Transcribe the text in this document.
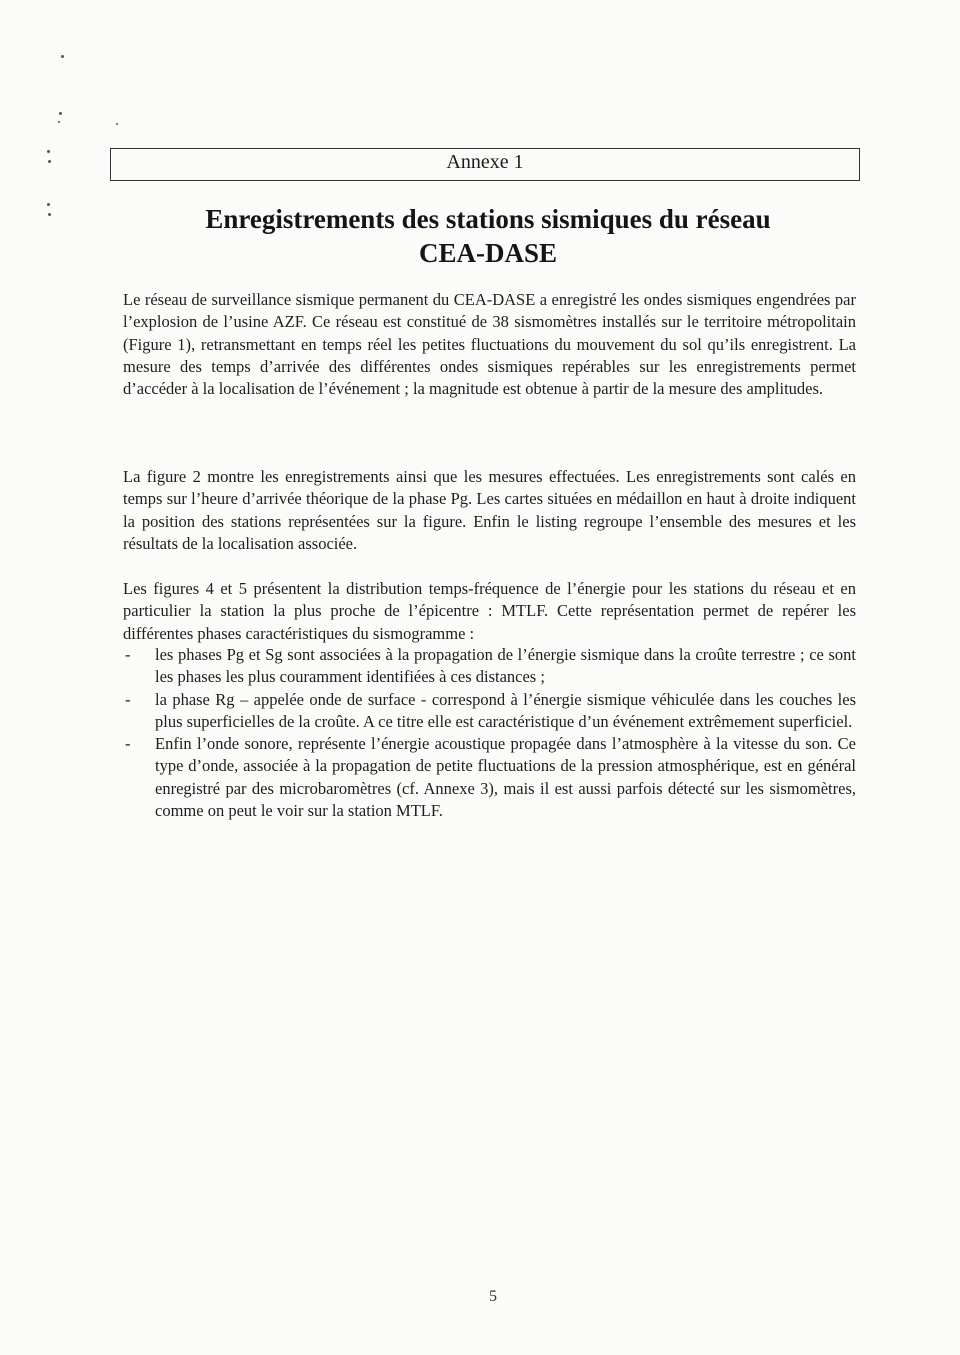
Annexe 1
Enregistrements des stations sismiques du réseau
CEA-DASE
Le réseau de surveillance sismique permanent du CEA-DASE a enregistré les ondes sismiques engendrées par l’explosion de l’usine AZF. Ce réseau est constitué de 38 sismomètres installés sur le territoire métropolitain (Figure 1), retransmettant en temps réel les petites fluctuations du mouvement du sol qu’ils enregistrent. La mesure des temps d’arrivée des différentes ondes sismiques repérables sur les enregistrements permet d’accéder à la localisation de l’événement ; la magnitude est obtenue à partir de la mesure des amplitudes.
La figure 2 montre les enregistrements ainsi que les mesures effectuées. Les enregistrements sont calés en temps sur l’heure d’arrivée théorique de la phase Pg. Les cartes situées en médaillon en haut à droite indiquent la position des stations représentées sur la figure. Enfin le listing regroupe l’ensemble des mesures et les résultats de la localisation associée.
Les figures 4 et 5 présentent la distribution temps-fréquence de l’énergie pour les stations du réseau et en particulier la station la plus proche de l’épicentre : MTLF. Cette représentation permet de repérer les différentes phases caractéristiques du sismogramme :
- les phases Pg et Sg sont associées à la propagation de l’énergie sismique dans la croûte terrestre ; ce sont les phases les plus couramment identifiées à ces distances ;
- la phase Rg – appelée onde de surface - correspond à l’énergie sismique véhiculée dans les couches les plus superficielles de la croûte. A ce titre elle est caractéristique d’un événement extrêmement superficiel.
- Enfin l’onde sonore, représente l’énergie acoustique propagée dans l’atmosphère à la vitesse du son. Ce type d’onde, associée à la propagation de petite fluctuations de la pression atmosphérique, est en général enregistré par des microbaromètres (cf. Annexe 3), mais il est aussi parfois détecté sur les sismomètres, comme on peut le voir sur la station MTLF.
5
